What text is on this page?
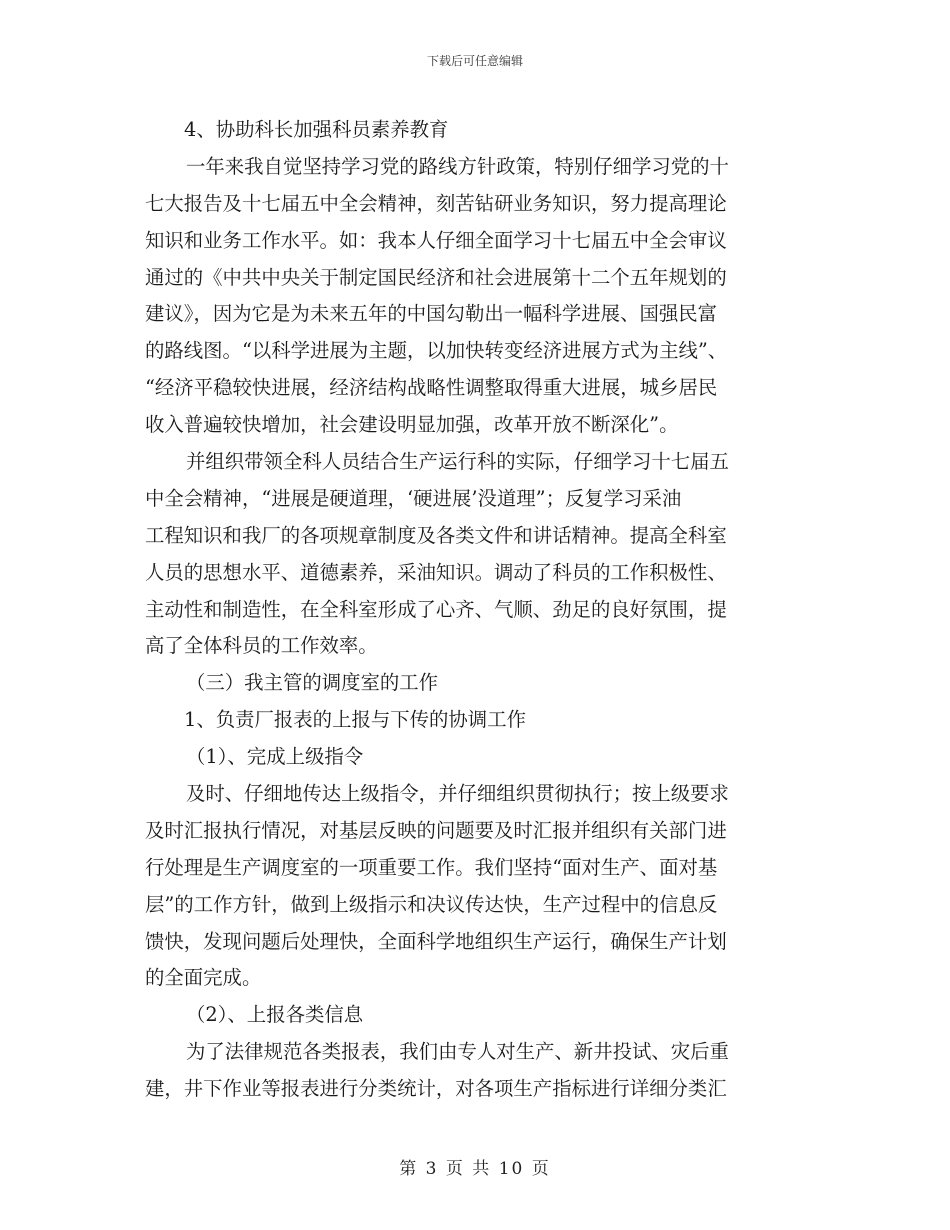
下载后可任意编辑
4、协助科长加强科员素养教育
一年来我自觉坚持学习党的路线方针政策，特别仔细学习党的十
七大报告及十七届五中全会精神，刻苦钻研业务知识，努力提高理论
知识和业务工作水平。如：我本人仔细全面学习十七届五中全会审议
通过的《中共中央关于制定国民经济和社会进展第十二个五年规划的
建议》，因为它是为未来五年的中国勾勒出一幅科学进展、国强民富
的路线图。“以科学进展为主题，以加快转变经济进展方式为主线”、
“经济平稳较快进展，经济结构战略性调整取得重大进展，城乡居民
收入普遍较快增加，社会建设明显加强，改革开放不断深化”。
并组织带领全科人员结合生产运行科的实际，仔细学习十七届五
中全会精神，“进展是硬道理，‘硬进展’没道理”；反复学习采油
工程知识和我厂的各项规章制度及各类文件和讲话精神。提高全科室
人员的思想水平、道德素养，采油知识。调动了科员的工作积极性、
主动性和制造性，在全科室形成了心齐、气顺、劲足的良好氛围，提
高了全体科员的工作效率。
（三）我主管的调度室的工作
1、负责厂报表的上报与下传的协调工作
（1）、完成上级指令
及时、仔细地传达上级指令，并仔细组织贯彻执行；按上级要求
及时汇报执行情况，对基层反映的问题要及时汇报并组织有关部门进
行处理是生产调度室的一项重要工作。我们坚持“面对生产、面对基
层”的工作方针，做到上级指示和决议传达快，生产过程中的信息反
馈快，发现问题后处理快，全面科学地组织生产运行，确保生产计划
的全面完成。
（2）、上报各类信息
为了法律规范各类报表，我们由专人对生产、新井投试、灾后重
建，井下作业等报表进行分类统计，对各项生产指标进行详细分类汇
第 3 页 共 10 页
